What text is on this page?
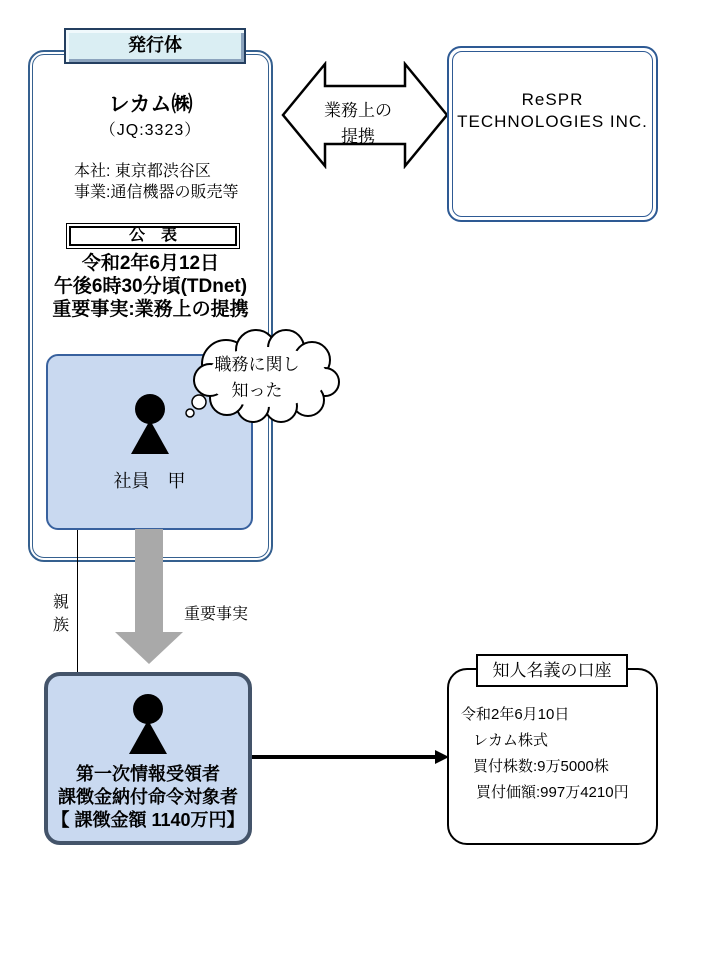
発行体
レカム㈱
（JQ:3323）
本社: 東京都渋谷区
事業:通信機器の販売等
公　表
令和2年6月12日
午後6時30分頃(TDnet)
重要事実:業務上の提携
社員　甲
職務に関し
知った
業務上の
提携
ReSPR
TECHNOLOGIES INC.
重要事実
親族
第一次情報受領者
課徴金納付命令対象者
【 課徴金額 1140万円】
知人名義の口座
令和2年6月10日
レカム株式
買付株数:9万5000株
買付価額:997万4210円
